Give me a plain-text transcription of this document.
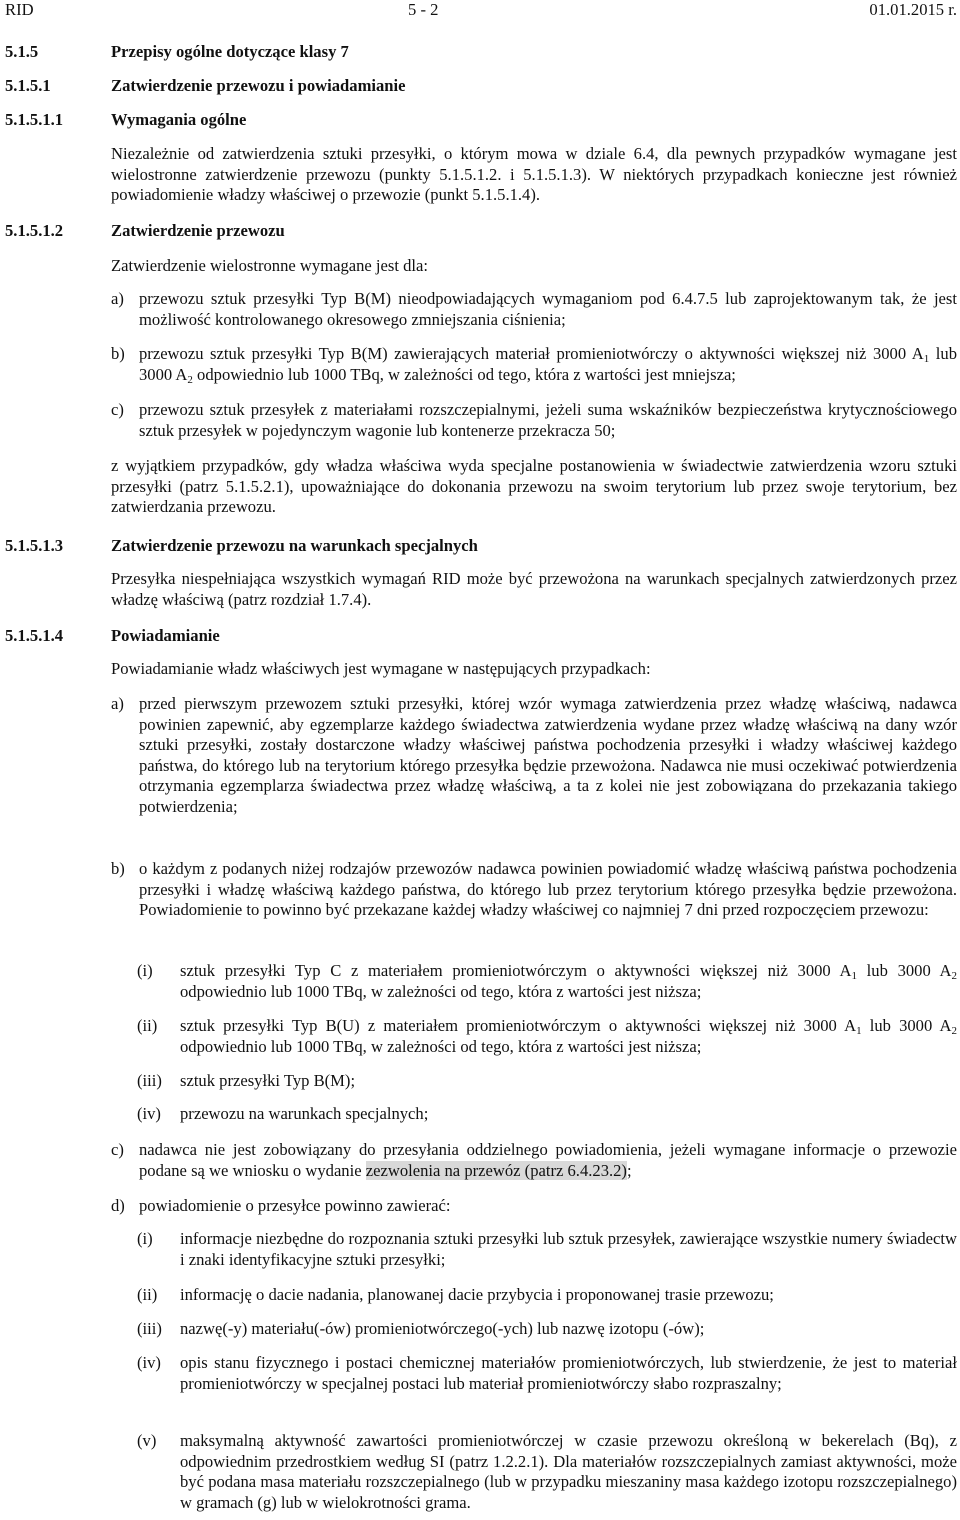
RID	5 - 2	01.01.2015 r.
5.1.5	Przepisy ogólne dotyczące klasy 7
5.1.5.1	Zatwierdzenie przewozu i powiadamianie
5.1.5.1.1	Wymagania ogólne
Niezależnie od zatwierdzenia sztuki przesyłki, o którym mowa w dziale 6.4, dla pewnych przypadków wymagane jest wielostronne zatwierdzenie przewozu (punkty 5.1.5.1.2. i 5.1.5.1.3). W niektórych przypadkach konieczne jest również powiadomienie władzy właściwej o przewozie (punkt 5.1.5.1.4).
5.1.5.1.2	Zatwierdzenie przewozu
Zatwierdzenie wielostronne wymagane jest dla:
a) przewozu sztuk przesyłki Typ B(M) nieodpowiadających wymaganiom pod 6.4.7.5 lub zaprojektowanym tak, że jest możliwość kontrolowanego okresowego zmniejszania ciśnienia;
b) przewozu sztuk przesyłki Typ B(M) zawierających materiał promieniotwórczy o aktywności większej niż 3000 $A_1$ lub 3000 $A_2$ odpowiednio lub 1000 TBq, w zależności od tego, która z wartości jest mniejsza;
c) przewozu sztuk przesyłek z materiałami rozszczepialnymi, jeżeli suma wskaźników bezpieczeństwa krytycznościowego sztuk przesyłek w pojedynczym wagonie lub kontenerze przekracza 50;
z wyjątkiem przypadków, gdy władza właściwa wyda specjalne postanowienia w świadectwie zatwierdzenia wzoru sztuki przesyłki (patrz 5.1.5.2.1), upoważniające do dokonania przewozu na swoim terytorium lub przez swoje terytorium, bez zatwierdzania przewozu.
5.1.5.1.3	Zatwierdzenie przewozu na warunkach specjalnych
Przesyłka niespełniająca wszystkich wymagań RID może być przewożona na warunkach specjalnych zatwierdzonych przez władzę właściwą (patrz rozdział 1.7.4).
5.1.5.1.4	Powiadamianie
Powiadamianie władz właściwych jest wymagane w następujących przypadkach:
a) przed pierwszym przewozem sztuki przesyłki, której wzór wymaga zatwierdzenia przez władzę właściwą, nadawca powinien zapewnić, aby egzemplarze każdego świadectwa zatwierdzenia wydane przez władzę właściwą na dany wzór sztuki przesyłki, zostały dostarczone władzy właściwej państwa pochodzenia przesyłki i władzy właściwej każdego państwa, do którego lub na terytorium którego przesyłka będzie przewożona. Nadawca nie musi oczekiwać potwierdzenia otrzymania egzemplarza świadectwa przez władzę właściwą, a ta z kolei nie jest zobowiązana do przekazania takiego potwierdzenia;
b) o każdym z podanych niżej rodzajów przewozów nadawca powinien powiadomić władzę właściwą państwa pochodzenia przesyłki i władzę właściwą każdego państwa, do którego lub przez terytorium którego przesyłka będzie przewożona. Powiadomienie to powinno być przekazane każdej władzy właściwej co najmniej 7 dni przed rozpoczęciem przewozu:
(i) sztuk przesyłki Typ C z materiałem promieniotwórczym o aktywności większej niż 3000 $A_1$ lub 3000 $A_2$ odpowiednio lub 1000 TBq, w zależności od tego, która z wartości jest niższa;
(ii) sztuk przesyłki Typ B(U) z materiałem promieniotwórczym o aktywności większej niż 3000 $A_1$ lub 3000 $A_2$ odpowiednio lub 1000 TBq, w zależności od tego, która z wartości jest niższa;
(iii) sztuk przesyłki Typ B(M);
(iv) przewozu na warunkach specjalnych;
c) nadawca nie jest zobowiązany do przesyłania oddzielnego powiadomienia, jeżeli wymagane informacje o przewozie podane są we wniosku o wydanie zezwolenia na przewóz (patrz 6.4.23.2);
d) powiadomienie o przesyłce powinno zawierać:
(i) informacje niezbędne do rozpoznania sztuki przesyłki lub sztuk przesyłek, zawierające wszystkie numery świadectw i znaki identyfikacyjne sztuki przesyłki;
(ii) informację o dacie nadania, planowanej dacie przybycia i proponowanej trasie przewozu;
(iii) nazwę(-y) materiału(-ów) promieniotwórczego(-ych) lub nazwę izotopu (-ów);
(iv) opis stanu fizycznego i postaci chemicznej materiałów promieniotwórczych, lub stwierdzenie, że jest to materiał promieniotwórczy w specjalnej postaci lub materiał promieniotwórczy słabo rozpraszalny;
(v) maksymalną aktywność zawartości promieniotwórczej w czasie przewozu określoną w bekerelach (Bq), z odpowiednim przedrostkiem według SI (patrz 1.2.2.1). Dla materiałów rozszczepialnych zamiast aktywności, może być podana masa materiału rozszczepialnego (lub w przypadku mieszaniny masa każdego izotopu rozszczepialnego) w gramach (g) lub w wielokrotności grama.
